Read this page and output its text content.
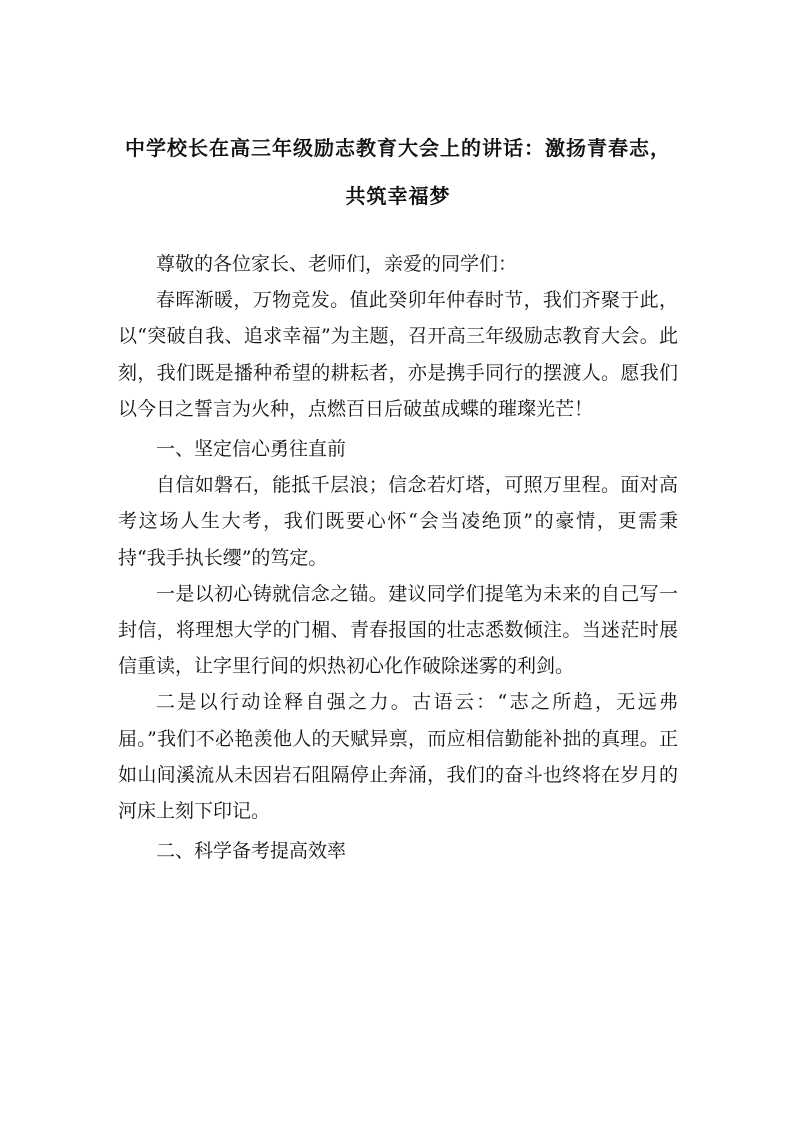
中学校长在高三年级励志教育大会上的讲话：激扬青春志，
共筑幸福梦

尊敬的各位家长、老师们，亲爱的同学们：

春晖渐暖，万物竞发。值此癸卯年仲春时节，我们齐聚于此，以“突破自我、追求幸福”为主题，召开高三年级励志教育大会。此刻，我们既是播种希望的耕耘者，亦是携手同行的摆渡人。愿我们以今日之誓言为火种，点燃百日后破茧成蝶的璀璨光芒！

一、坚定信心勇往直前

自信如磐石，能抵千层浪；信念若灯塔，可照万里程。面对高考这场人生大考，我们既要心怀“会当凌绝顶”的豪情，更需秉持“我手执长缨”的笃定。

一是以初心铸就信念之锚。建议同学们提笔为未来的自己写一封信，将理想大学的门楣、青春报国的壮志悉数倾注。当迷茫时展信重读，让字里行间的炽热初心化作破除迷雾的利剑。

二是以行动诠释自强之力。古语云：“志之所趋，无远弗届。”我们不必艳羡他人的天赋异禀，而应相信勤能补拙的真理。正如山间溪流从未因岩石阻隔停止奔涌，我们的奋斗也终将在岁月的河床上刻下印记。

二、科学备考提高效率
